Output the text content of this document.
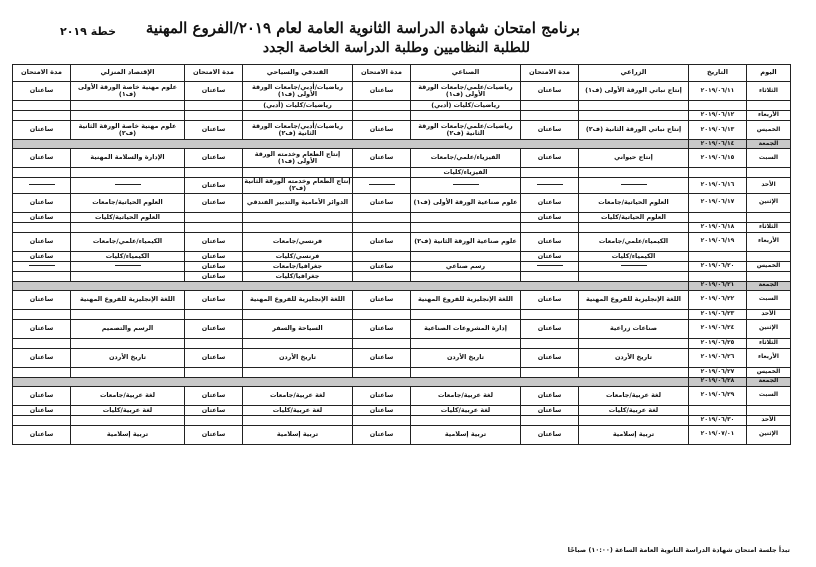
برنامج امتحان شهادة الدراسة الثانوية العامة لعام ٢٠١٩/الفروع المهنية
للطلبة النظاميين وطلبة الدراسة الخاصة الجدد
خطة ٢٠١٩
اليوم	التاريخ	الزراعي	مدة الامتحان	الصناعي	مدة الامتحان	الفندقي والسياحي	مدة الامتحان	الإقتصاد المنزلي	مدة الامتحان
الثلاثاء	٢٠١٩/٠٦/١١	إنتاج نباتي الورقة الأولى (ف١)	ساعتان	رياضيات/علمي/جامعات الورقة الأولى (ف١)	ساعتان	رياضيات/أدبي/جامعات الورقة الأولى (ف١)	ساعتان	علوم مهنية خاصة الورقة الأولى (ف١)	ساعتان
				رياضيات/كليات (أدبي)		رياضيات/كليات (أدبي)			
الأربعاء	٢٠١٩/٠٦/١٢								
الخميس	٢٠١٩/٠٦/١٣	إنتاج نباتي الورقة الثانية (ف٢)	ساعتان	رياضيات/علمي/جامعات الورقة الثانية (ف٢)	ساعتان	رياضيات/أدبي/جامعات الورقة الثانية (ف٢)	ساعتان	علوم مهنية خاصة الورقة الثانية (ف٢)	ساعتان
الجمعة	٢٠١٩/٠٦/١٤								
السبت	٢٠١٩/٠٦/١٥	إنتاج حيواني	ساعتان	الفيزياء/علمي/جامعات	ساعتان	إنتاج الطعام وخدمته الورقة الأولى (ف١)	ساعتان	الإدارة والسلامة المهنية	ساعتان
				الفيزياء/كليات					
الأحد	٢٠١٩/٠٦/١٦					إنتاج الطعام وخدمته الورقة الثانية (ف٢)	ساعتان		
الإثنين	٢٠١٩/٠٦/١٧	العلوم الحياتية/جامعات	ساعتان	علوم صناعية الورقة الأولى (ف١)	ساعتان	الدوائر الأمامية والتدبير الفندقي	ساعتان	العلوم الحياتية/جامعات	ساعتان
		العلوم الحياتية/كليات	ساعتان					العلوم الحياتية/كليات	ساعتان
الثلاثاء	٢٠١٩/٠٦/١٨								
الأربعاء	٢٠١٩/٠٦/١٩	الكيمياء/علمي/جامعات	ساعتان	علوم صناعية الورقة الثانية (ف٢)	ساعتان	فرنسي/جامعات	ساعتان	الكيمياء/علمي/جامعات	ساعتان
		الكيمياء/كليات	ساعتان			فرنسي/كليات	ساعتان	الكيمياء/كليات	ساعتان
الخميس	٢٠١٩/٠٦/٢٠			رسم صناعي	ساعتان	جغرافيا/جامعات	ساعتان		
						جغرافيا/كليات	ساعتان		
الجمعة	٢٠١٩/٠٦/٢١								
السبت	٢٠١٩/٠٦/٢٢	اللغة الإنجليزية للفروع المهنية	ساعتان	اللغة الإنجليزية للفروع المهنية	ساعتان	اللغة الإنجليزية للفروع المهنية	ساعتان	اللغة الإنجليزية للفروع المهنية	ساعتان
الأحد	٢٠١٩/٠٦/٢٣								
الإثنين	٢٠١٩/٠٦/٢٤	صناعات زراعية	ساعتان	إدارة المشروعات الصناعية	ساعتان	السياحة والسفر	ساعتان	الرسم والتصميم	ساعتان
الثلاثاء	٢٠١٩/٠٦/٢٥								
الأربعاء	٢٠١٩/٠٦/٢٦	تاريخ الأردن	ساعتان	تاريخ الأردن	ساعتان	تاريخ الأردن	ساعتان	تاريخ الأردن	ساعتان
الخميس	٢٠١٩/٠٦/٢٧								
الجمعة	٢٠١٩/٠٦/٢٨								
السبت	٢٠١٩/٠٦/٢٩	لغة عربية/جامعات	ساعتان	لغة عربية/جامعات	ساعتان	لغة عربية/جامعات	ساعتان	لغة عربية/جامعات	ساعتان
		لغة عربية/كليات	ساعتان	لغة عربية/كليات	ساعتان	لغة عربية/كليات	ساعتان	لغة عربية/كليات	ساعتان
الأحد	٢٠١٩/٠٦/٣٠								
الإثنين	٢٠١٩/٠٧/٠١	تربية إسلامية	ساعتان	تربية إسلامية	ساعتان	تربية إسلامية	ساعتان	تربية إسلامية	ساعتان
تبدأ جلسة امتحان شهادة الدراسة الثانوية العامة الساعة (١٠:٠٠) صباحًا
